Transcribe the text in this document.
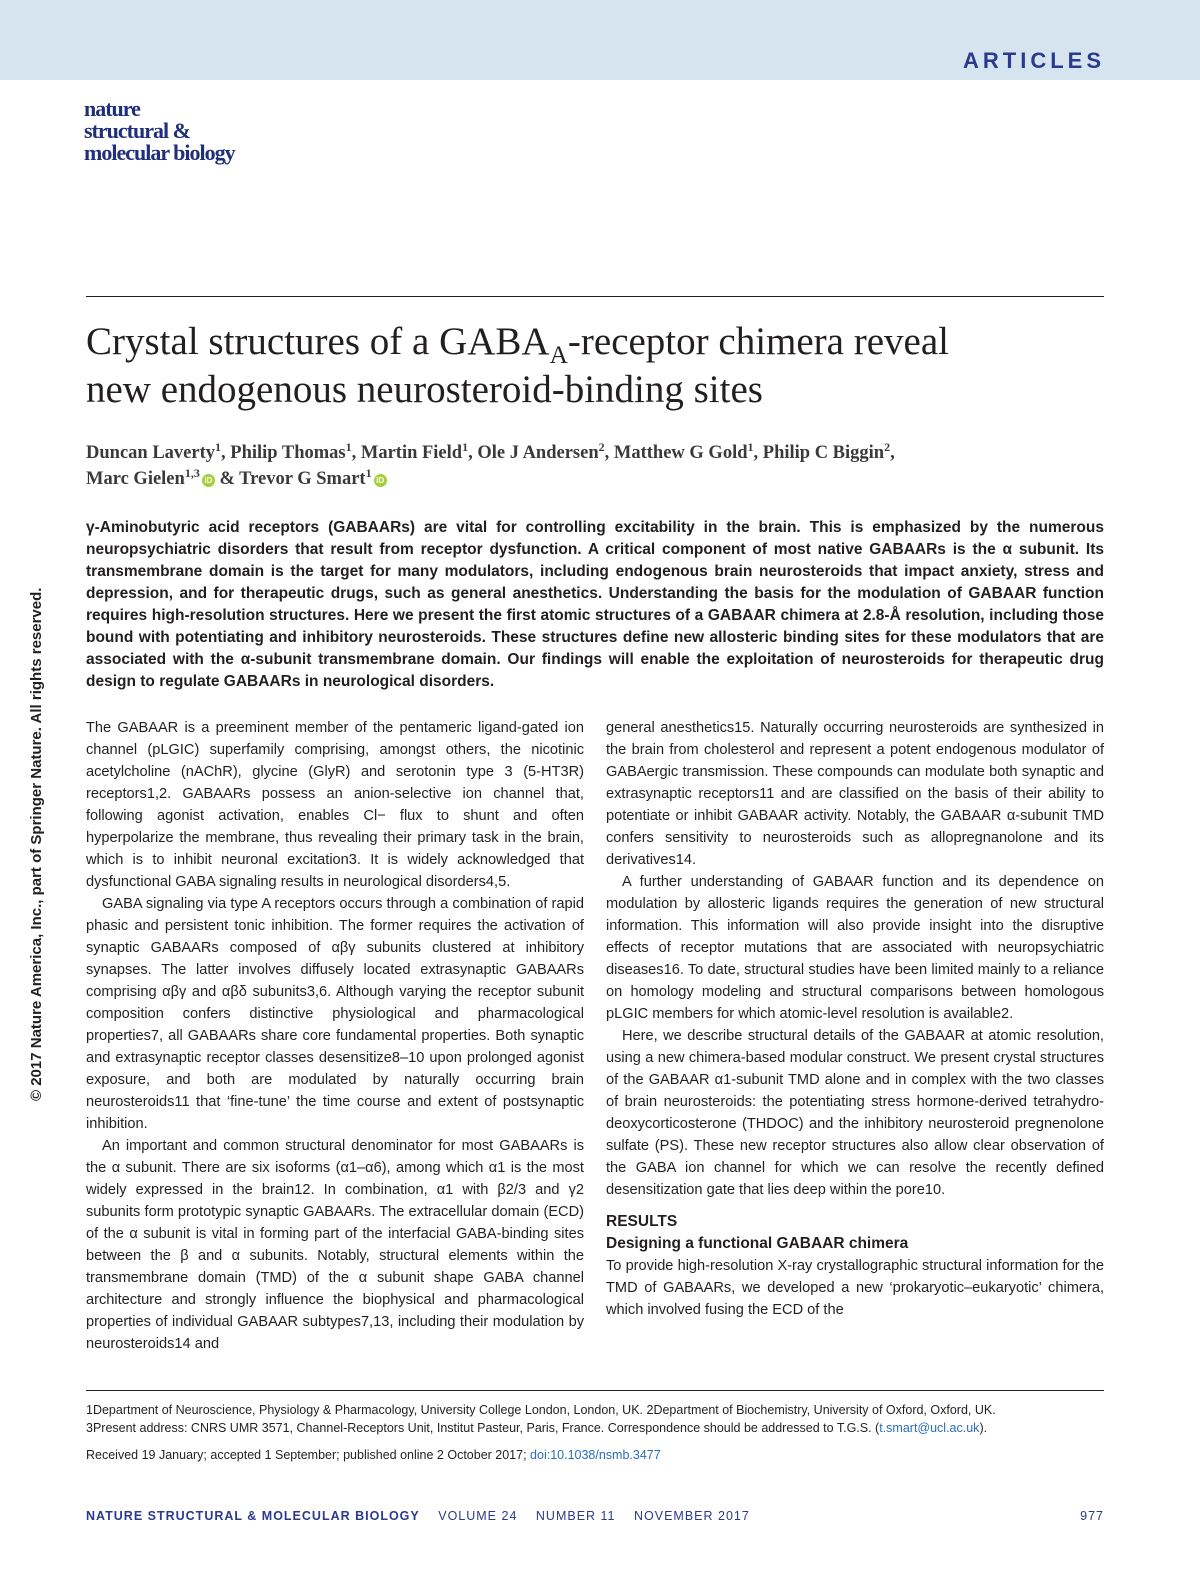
ARTICLES
nature
structural &
molecular biology
© 2017 Nature America, Inc., part of Springer Nature. All rights reserved.
Crystal structures of a $GABA_A$-receptor chimera reveal
new endogenous neurosteroid-binding sites
Duncan Laverty$^1$, Philip Thomas$^1$, Martin Field$^1$, Ole J Andersen$^2$, Matthew G Gold$^1$, Philip C Biggin$^2$,
Marc Gielen$^{1,3}$iD & Trevor G Smart$^1$iD
γ-Aminobutyric acid receptors (GABAARs) are vital for controlling excitability in the brain. This is emphasized by the numerous neuropsychiatric disorders that result from receptor dysfunction. A critical component of most native GABAARs is the α subunit. Its transmembrane domain is the target for many modulators, including endogenous brain neurosteroids that impact anxiety, stress and depression, and for therapeutic drugs, such as general anesthetics. Understanding the basis for the modulation of GABAAR function requires high-resolution structures. Here we present the first atomic structures of a GABAAR chimera at 2.8-Å resolution, including those bound with potentiating and inhibitory neurosteroids. These structures define new allosteric binding sites for these modulators that are associated with the α-subunit transmembrane domain. Our findings will enable the exploitation of neurosteroids for therapeutic drug design to regulate GABAARs in neurological disorders.

The GABAAR is a preeminent member of the pentameric ligand-gated ion channel (pLGIC) superfamily comprising, amongst others, the nicotinic acetylcholine (nAChR), glycine (GlyR) and serotonin type 3 (5-HT3R) receptors1,2. GABAARs possess an anion-selective ion channel that, following agonist activation, enables Cl− flux to shunt and often hyperpolarize the membrane, thus revealing their primary task in the brain, which is to inhibit neuronal excitation3. It is widely acknowledged that dysfunctional GABA signaling results in neurological disorders4,5.

GABA signaling via type A receptors occurs through a combination of rapid phasic and persistent tonic inhibition. The former requires the activation of synaptic GABAARs composed of αβγ subunits clustered at inhibitory synapses. The latter involves diffusely located extrasynaptic GABAARs comprising αβγ and αβδ subunits3,6. Although varying the receptor subunit composition confers distinctive physiological and pharmacological properties7, all GABAARs share core fundamental properties. Both synaptic and extrasynaptic receptor classes desensitize8–10 upon prolonged agonist exposure, and both are modulated by naturally occurring brain neurosteroids11 that ‘fine-tune’ the time course and extent of postsynaptic inhibition.

An important and common structural denominator for most GABAARs is the α subunit. There are six isoforms (α1–α6), among which α1 is the most widely expressed in the brain12. In combination, α1 with β2/3 and γ2 subunits form prototypic synaptic GABAARs. The extracellular domain (ECD) of the α subunit is vital in forming part of the interfacial GABA-binding sites between the β and α subunits. Notably, structural elements within the transmembrane domain (TMD) of the α subunit shape GABA channel architecture and strongly influence the biophysical and pharmacological properties of individual GABAAR subtypes7,13, including their modulation by neurosteroids14 and

general anesthetics15. Naturally occurring neurosteroids are synthesized in the brain from cholesterol and represent a potent endogenous modulator of GABAergic transmission. These compounds can modulate both synaptic and extrasynaptic receptors11 and are classified on the basis of their ability to potentiate or inhibit GABAAR activity. Notably, the GABAAR α-subunit TMD confers sensitivity to neurosteroids such as allopregnanolone and its derivatives14.

A further understanding of GABAAR function and its dependence on modulation by allosteric ligands requires the generation of new structural information. This information will also provide insight into the disruptive effects of receptor mutations that are associated with neuropsychiatric diseases16. To date, structural studies have been limited mainly to a reliance on homology modeling and structural comparisons between homologous pLGIC members for which atomic-level resolution is available2.

Here, we describe structural details of the GABAAR at atomic resolution, using a new chimera-based modular construct. We present crystal structures of the GABAAR α1-subunit TMD alone and in complex with the two classes of brain neurosteroids: the potentiating stress hormone-derived tetrahydro-deoxycorticosterone (THDOC) and the inhibitory neurosteroid pregnenolone sulfate (PS). These new receptor structures also allow clear observation of the GABA ion channel for which we can resolve the recently defined desensitization gate that lies deep within the pore10.

RESULTS
Designing a functional GABAAR chimera

To provide high-resolution X-ray crystallographic structural information for the TMD of GABAARs, we developed a new ‘prokaryotic–eukaryotic’ chimera, which involved fusing the ECD of the

1Department of Neuroscience, Physiology & Pharmacology, University College London, London, UK. 2Department of Biochemistry, University of Oxford, Oxford, UK.
3Present address: CNRS UMR 3571, Channel-Receptors Unit, Institut Pasteur, Paris, France. Correspondence should be addressed to T.G.S. (t.smart@ucl.ac.uk).
Received 19 January; accepted 1 September; published online 2 October 2017; doi:10.1038/nsmb.3477
NATURE STRUCTURAL & MOLECULAR BIOLOGY VOLUME 24 NUMBER 11 NOVEMBER 2017	977
